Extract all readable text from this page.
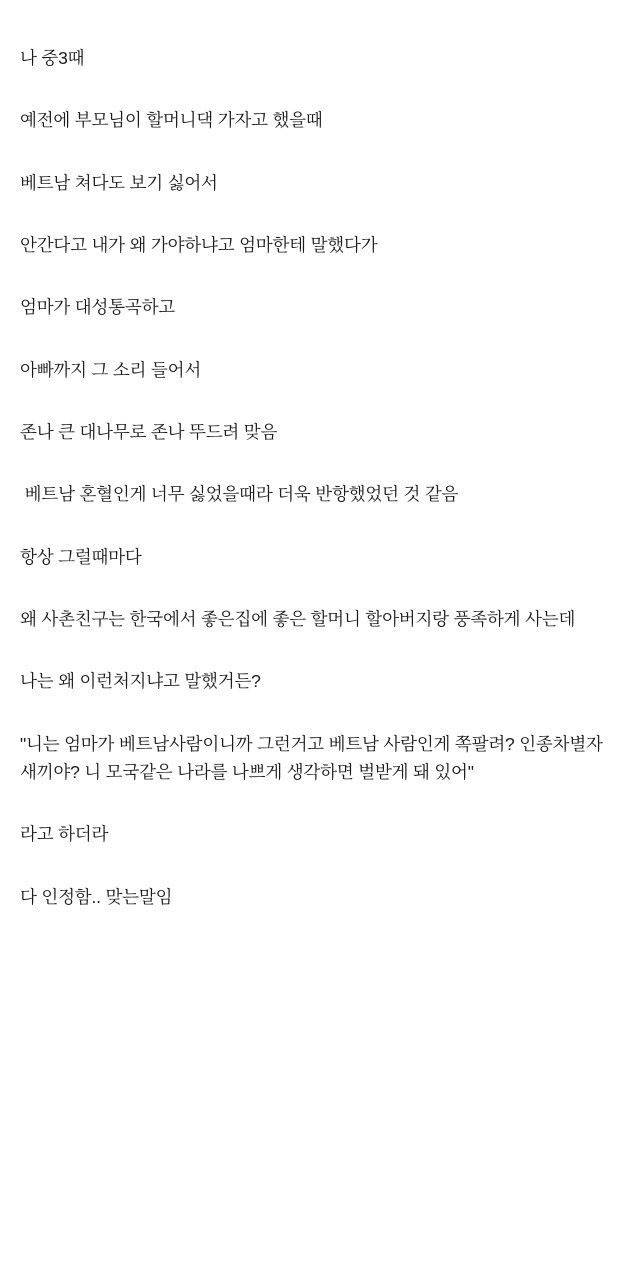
나 중3때

예전에 부모님이 할머니댁 가자고 했을때

베트남 쳐다도 보기 싫어서

안간다고 내가 왜 가야하냐고 엄마한테 말했다가

엄마가 대성통곡하고

아빠까지 그 소리 들어서

존나 큰 대나무로 존나 뚜드려 맞음

베트남 혼혈인게 너무 싫었을때라 더욱 반항했었던 것 같음

항상 그럴때마다

왜 사촌친구는 한국에서 좋은집에 좋은 할머니 할아버지랑 풍족하게 사는데

나는 왜 이런처지냐고 말했거든?

"니는 엄마가 베트남사람이니까 그런거고 베트남 사람인게 쪽팔려? 인종차별자 새끼야? 니 모국같은 나라를 나쁘게 생각하면 벌받게 돼 있어"

라고 하더라

다 인정함.. 맞는말임
